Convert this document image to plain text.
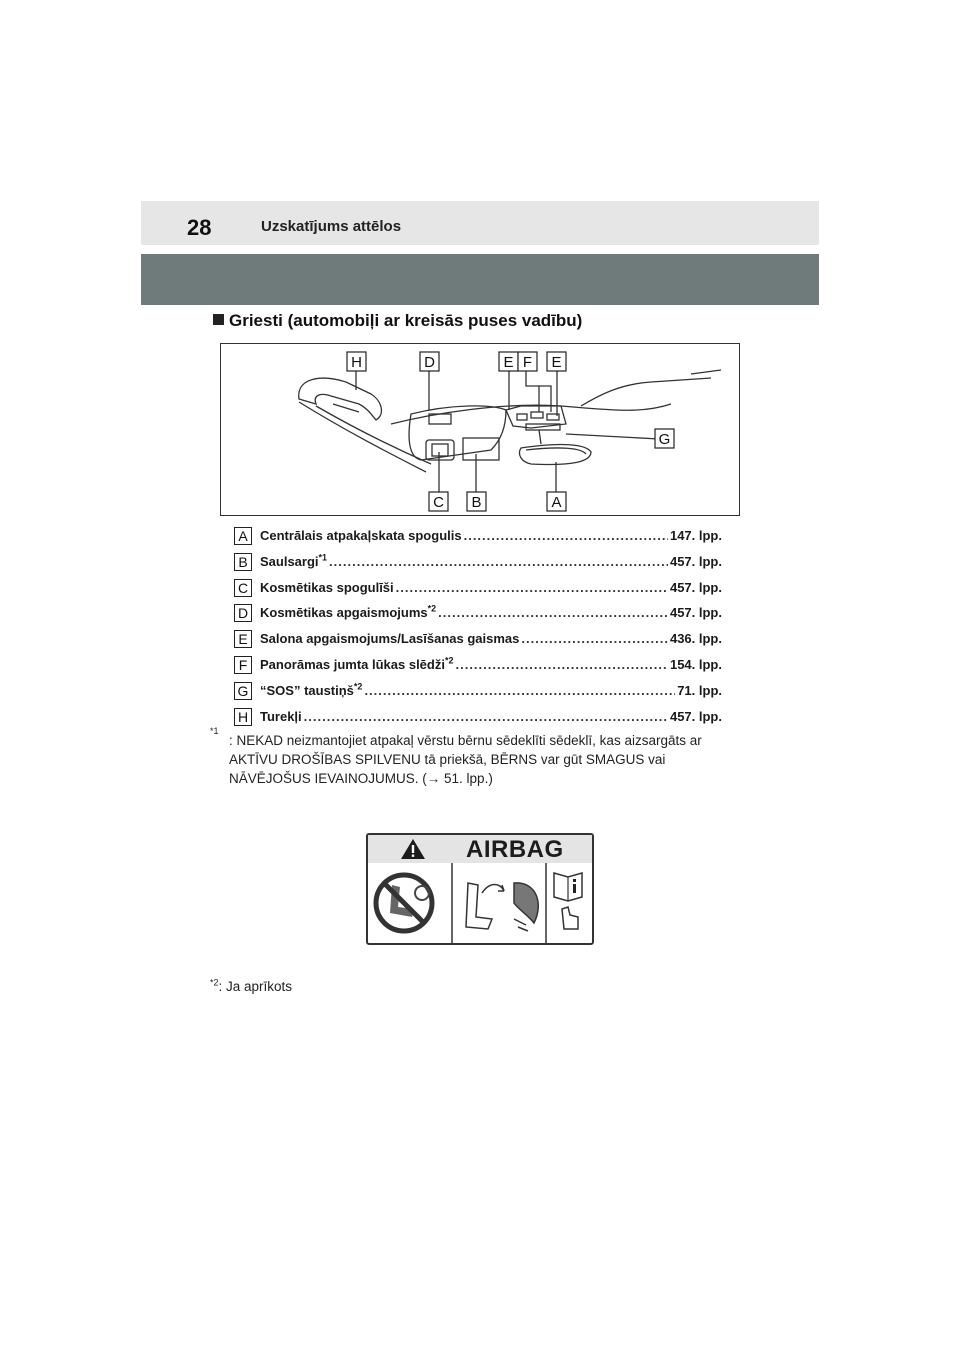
28	Uzskatījums attēlos
Griesti (automobiļi ar kreisās puses vadību)
H	D	E F E
G
C B	A
A Centrālais atpakaļskata spogulis .....	147. lpp.
B Saulsargi$^{*1}$ .....	457. lpp.
C Kosmētikas spogulīši .....	457. lpp.
D Kosmētikas apgaismojums$^{*2}$ .....	457. lpp.
E Salona apgaismojums/Lasīšanas gaismas .....	436. lpp.
F Panorāmas jumta lūkas slēdži$^{*2}$ .....	154. lpp.
G “SOS” taustiņš$^{*2}$ .....	71. lpp.
H Turekļi .....	457. lpp.
*1
: NEKAD neizmantojiet atpakaļ vērstu bērnu sēdeklīti sēdeklī, kas aizsargāts ar AKTĪVU DROŠĪBAS SPILVENU tā priekšā, BĒRNS var gūt SMAGUS vai NĀVĒJOŠUS IEVAINOJUMUS. (→ 51. lpp.)
AIRBAG
$^{*2}$: Ja aprīkots
